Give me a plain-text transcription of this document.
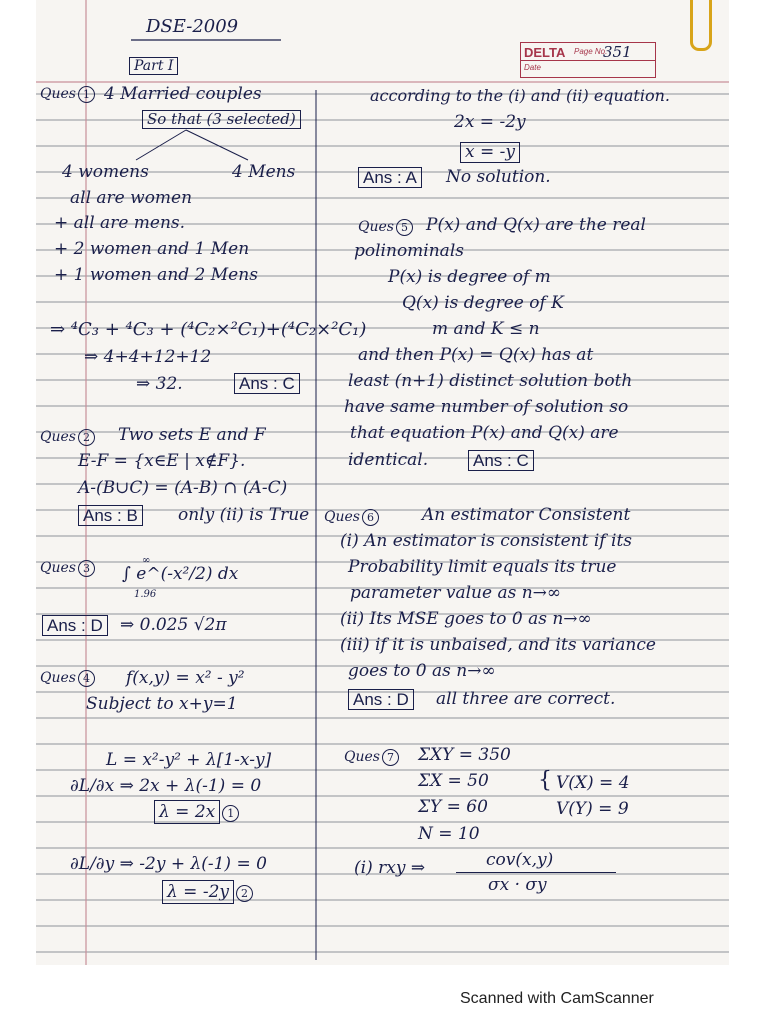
DSE-2009
DELTA Page No.
351
Date
Part I
Ques 1 4 Married couples
So that (3 selected)
4 womens	4 Mens
all are women
+ all are mens.
+ 2 women and 1 Men
+ 1 women and 2 Mens
⇒ ⁴C₃ + ⁴C₃ + (⁴C₂×²C₁)+(⁴C₂×²C₁)
⇒ 4+4+12+12
⇒ 32.	Ans : C
Ques 2 Two sets E and F
E-F = {x∈E | x∉F}.
A-(B∪C) = (A-B) ∩ (A-C)
Ans : B only (ii) is True
Ques 3
∞
∫ e^(-x²/2) dx
1.96
Ans : D ⇒ 0.025 √2π
Ques 4 f(x,y) = x² - y²
Subject to x+y=1
L = x²-y² + λ[1-x-y]
∂L/∂x ⇒ 2x + λ(-1) = 0
λ = 2x 1
∂L/∂y ⇒ -2y + λ(-1) = 0
λ = -2y 2
according to the (i) and (ii) equation.
2x = -2y
x = -y
Ans : A No solution.
Ques 5 P(x) and Q(x) are the real
polinominals
P(x) is degree of m
Q(x) is degree of K
m and K ≤ n
and then P(x) = Q(x) has at
least (n+1) distinct solution both
have same number of solution so
that equation P(x) and Q(x) are
identical.	Ans : C
Ques 6	An estimator Consistent
(i) An estimator is consistent if its
Probability limit equals its true
parameter value as n→∞
(ii) Its MSE goes to 0 as n→∞
(iii) if it is unbaised, and its variance
goes to 0 as n→∞
Ans : D all three are correct.
Ques 7 ΣXY = 350
ΣX = 50
ΣY = 60
N = 10
{ V(X) = 4
V(Y) = 9
(i) rxy ⇒	cov(x,y)
σx · σy
Scanned with CamScanner
